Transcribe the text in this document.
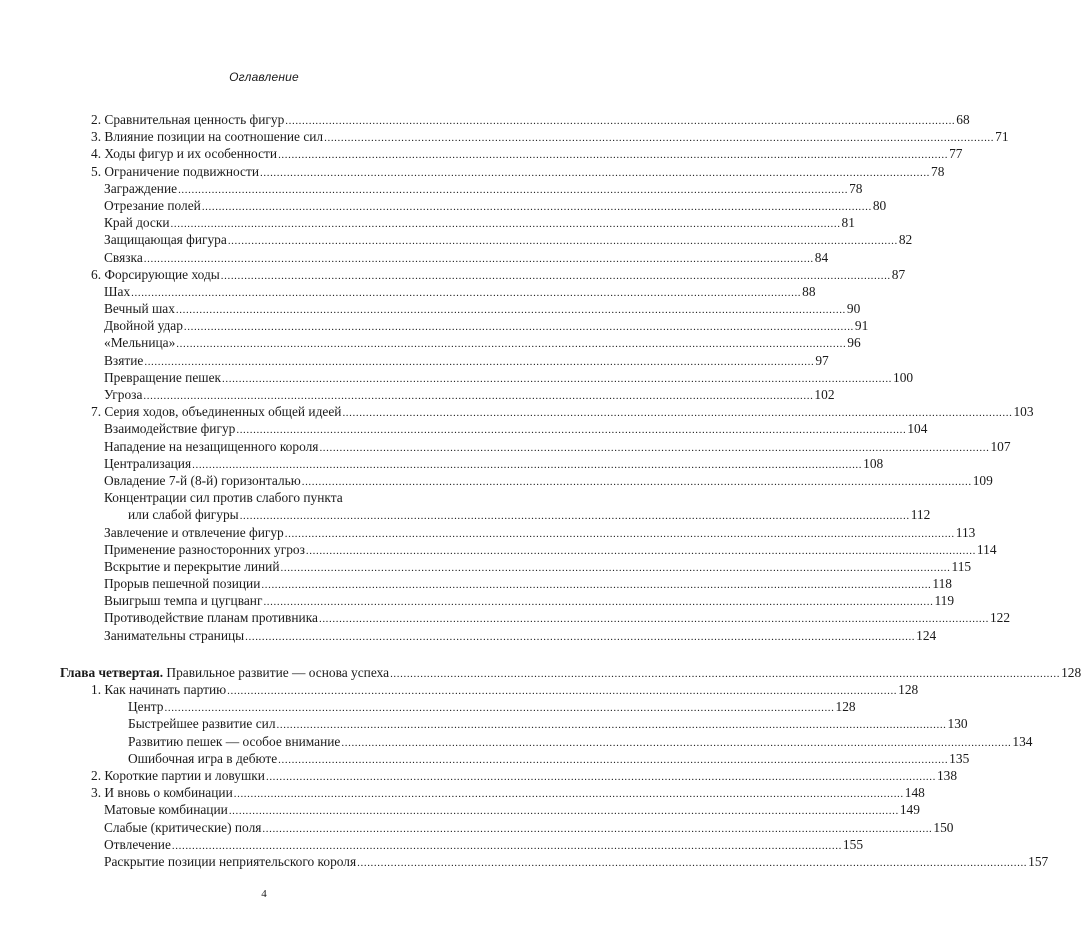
Оглавление
2. Сравнительная ценность фигур ........................................................................................................................................................................................................ 68
3. Влияние позиции на соотношение сил ........................................................................................................................................................................................................ 71
4. Ходы фигур и их особенности ........................................................................................................................................................................................................ 77
5. Ограничение подвижности ........................................................................................................................................................................................................ 78
Заграждение ........................................................................................................................................................................................................ 78
Отрезание полей ........................................................................................................................................................................................................ 80
Край доски ........................................................................................................................................................................................................ 81
Защищающая фигура ........................................................................................................................................................................................................ 82
Связка ........................................................................................................................................................................................................ 84
6. Форсирующие ходы ........................................................................................................................................................................................................ 87
Шах ........................................................................................................................................................................................................ 88
Вечный шах ........................................................................................................................................................................................................ 90
Двойной удар ........................................................................................................................................................................................................ 91
«Мельница» ........................................................................................................................................................................................................ 96
Взятие ........................................................................................................................................................................................................ 97
Превращение пешек ........................................................................................................................................................................................................ 100
Угроза ........................................................................................................................................................................................................ 102
7. Серия ходов, объединенных общей идеей ........................................................................................................................................................................................................ 103
Взаимодействие фигур ........................................................................................................................................................................................................ 104
Нападение на незащищенного короля ........................................................................................................................................................................................................ 107
Централизация ........................................................................................................................................................................................................ 108
Овладение 7-й (8-й) горизонталью ........................................................................................................................................................................................................ 109
Концентрации сил против слабого пункта
или слабой фигуры ........................................................................................................................................................................................................ 112
Завлечение и отвлечение фигур ........................................................................................................................................................................................................ 113
Применение разносторонних угроз ........................................................................................................................................................................................................ 114
Вскрытие и перекрытие линий ........................................................................................................................................................................................................ 115
Прорыв пешечной позиции ........................................................................................................................................................................................................ 118
Выигрыш темпа и цугцванг ........................................................................................................................................................................................................ 119
Противодействие планам противника ........................................................................................................................................................................................................ 122
Занимательны страницы ........................................................................................................................................................................................................ 124
Глава четвертая. Правильное развитие — основа успеха ........................................................................................................................................................................................................ 128
1. Как начинать партию ........................................................................................................................................................................................................ 128
Центр ........................................................................................................................................................................................................ 128
Быстрейшее развитие сил ........................................................................................................................................................................................................ 130
Развитию пешек — особое внимание ........................................................................................................................................................................................................ 134
Ошибочная игра в дебюте ........................................................................................................................................................................................................ 135
2. Короткие партии и ловушки ........................................................................................................................................................................................................ 138
3. И вновь о комбинации ........................................................................................................................................................................................................ 148
Матовые комбинации ........................................................................................................................................................................................................ 149
Слабые (критические) поля ........................................................................................................................................................................................................ 150
Отвлечение ........................................................................................................................................................................................................ 155
Раскрытие позиции неприятельского короля ........................................................................................................................................................................................................ 157
4
